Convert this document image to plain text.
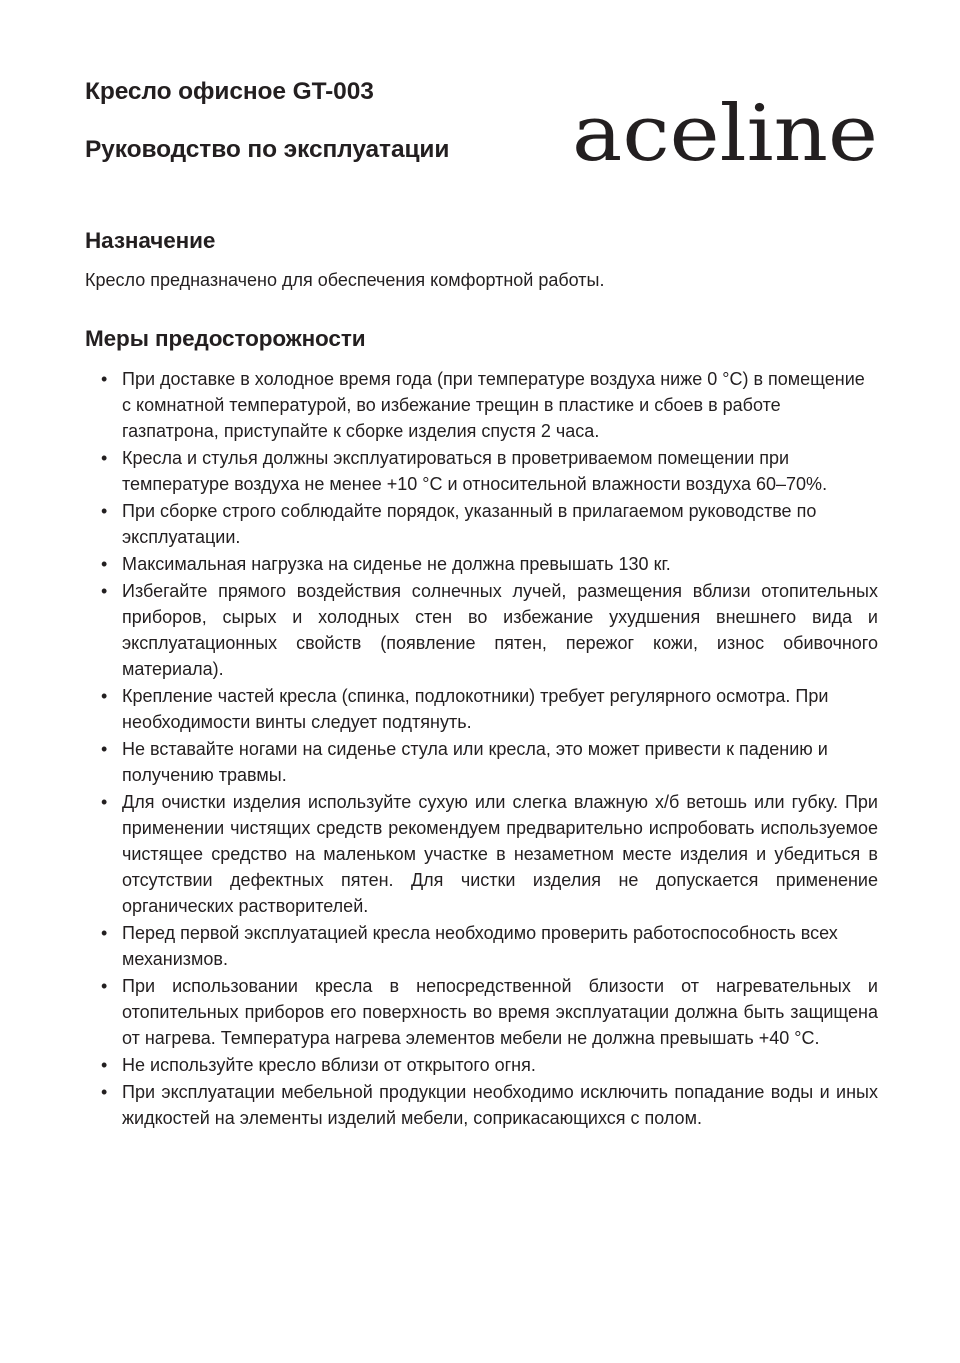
Кресло офисное GT-003
Руководство по эксплуатации	aceline
Назначение

Кресло предназначено для обеспечения комфортной работы.

Меры предосторожности
• При доставке в холодное время года (при температуре воздуха ниже 0 °C) в помещение с комнатной температурой, во избежание трещин в пластике и сбоев в работе газпатрона, приступайте к сборке изделия спустя 2 часа.
• Кресла и стулья должны эксплуатироваться в проветриваемом помещении при температуре воздуха не менее +10 °C и относительной влажности воздуха 60–70%.
• При сборке строго соблюдайте порядок, указанный в прилагаемом руководстве по эксплуатации.
• Максимальная нагрузка на сиденье не должна превышать 130 кг.
• Избегайте прямого воздействия солнечных лучей, размещения вблизи отопительных приборов, сырых и холодных стен во избежание ухудшения внешнего вида и эксплуатационных свойств (появление пятен, пережог кожи, износ обивочного материала).
• Крепление частей кресла (спинка, подлокотники) требует регулярного осмотра. При необходимости винты следует подтянуть.
• Не вставайте ногами на сиденье стула или кресла, это может привести к падению и получению травмы.
• Для очистки изделия используйте сухую или слегка влажную х/б ветошь или губку. При применении чистящих средств рекомендуем предварительно испробовать используемое чистящее средство на маленьком участке в незаметном месте изделия и убедиться в отсутствии дефектных пятен. Для чистки изделия не допускается применение органических растворителей.
• Перед первой эксплуатацией кресла необходимо проверить работоспособность всех механизмов.
• При использовании кресла в непосредственной близости от нагревательных и отопительных приборов его поверхность во время эксплуатации должна быть защищена от нагрева. Температура нагрева элементов мебели не должна превышать +40 °C.
• Не используйте кресло вблизи от открытого огня.
• При эксплуатации мебельной продукции необходимо исключить попадание воды и иных жидкостей на элементы изделий мебели, соприкасающихся с полом.
